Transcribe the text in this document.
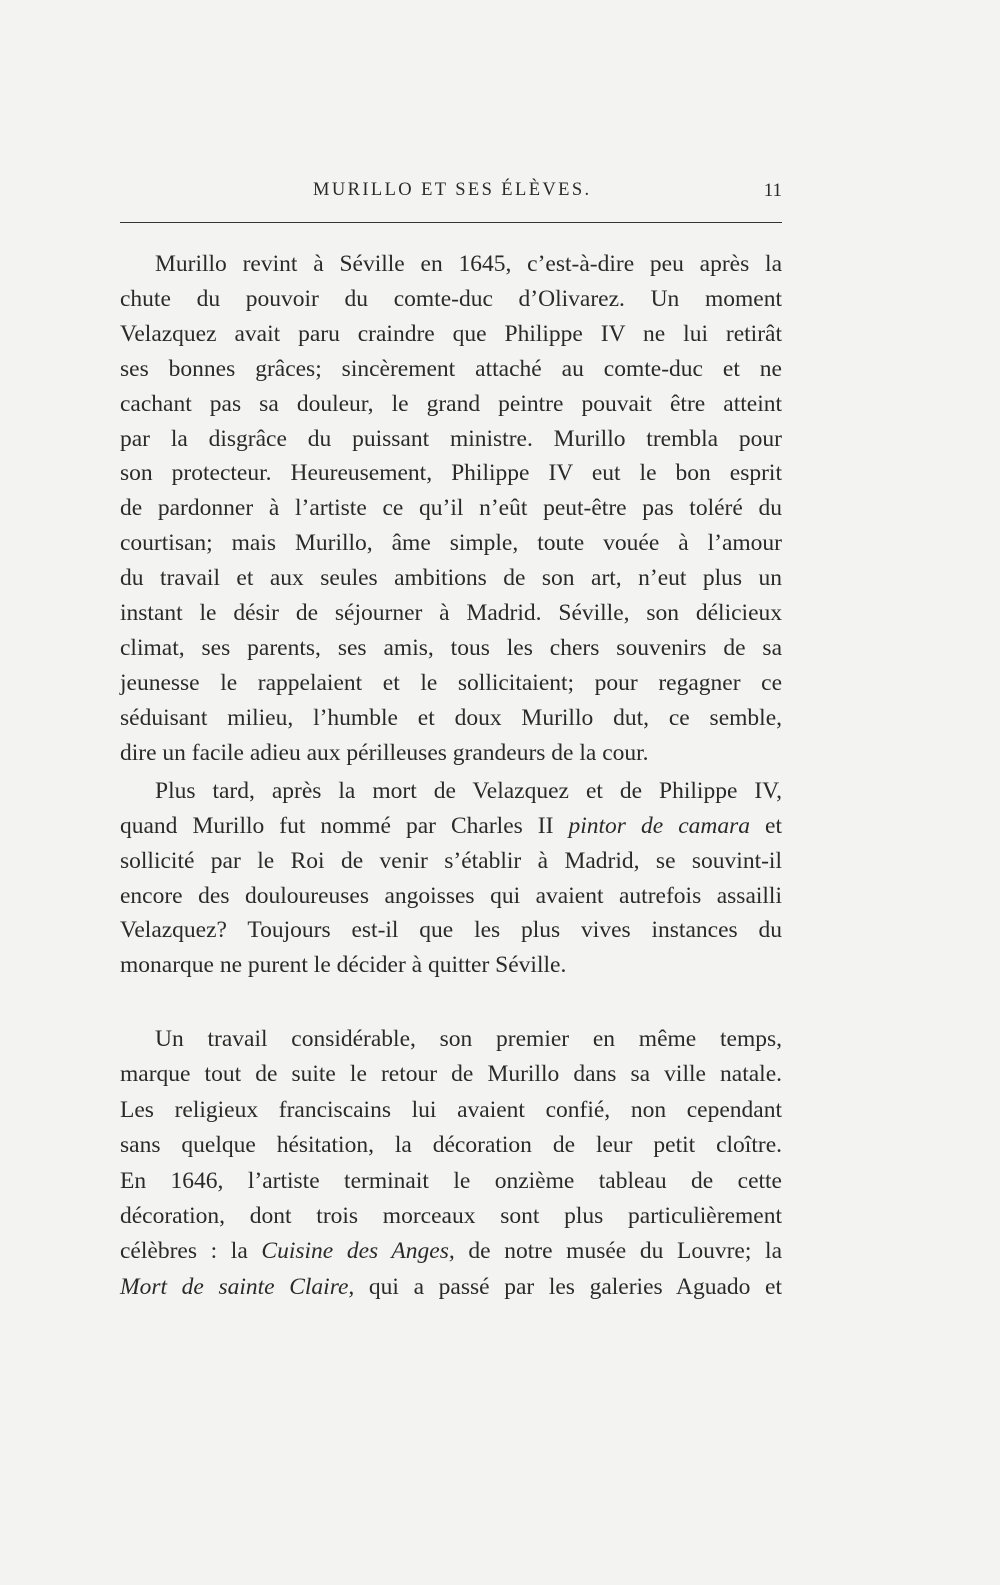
MURILLO ET SES ÉLÈVES.	11
Murillo revint à Séville en 1645, c’est-à-dire peu après la
chute du pouvoir du comte-duc d’Olivarez. Un moment
Velazquez avait paru craindre que Philippe IV ne lui retirât
ses bonnes grâces; sincèrement attaché au comte-duc et ne
cachant pas sa douleur, le grand peintre pouvait être atteint
par la disgrâce du puissant ministre. Murillo trembla pour
son protecteur. Heureusement, Philippe IV eut le bon esprit
de pardonner à l’artiste ce qu’il n’eût peut-être pas toléré du
courtisan; mais Murillo, âme simple, toute vouée à l’amour
du travail et aux seules ambitions de son art, n’eut plus un
instant le désir de séjourner à Madrid. Séville, son délicieux
climat, ses parents, ses amis, tous les chers souvenirs de sa
jeunesse le rappelaient et le sollicitaient; pour regagner ce
séduisant milieu, l’humble et doux Murillo dut, ce semble,
dire un facile adieu aux périlleuses grandeurs de la cour.
Plus tard, après la mort de Velazquez et de Philippe IV,
quand Murillo fut nommé par Charles II pintor de camara et
sollicité par le Roi de venir s’établir à Madrid, se souvint-il
encore des douloureuses angoisses qui avaient autrefois assailli
Velazquez? Toujours est-il que les plus vives instances du
monarque ne purent le décider à quitter Séville.
Un travail considérable, son premier en même temps,
marque tout de suite le retour de Murillo dans sa ville natale.
Les religieux franciscains lui avaient confié, non cependant
sans quelque hésitation, la décoration de leur petit cloître.
En 1646, l’artiste terminait le onzième tableau de cette
décoration, dont trois morceaux sont plus particulièrement
célèbres : la Cuisine des Anges, de notre musée du Louvre; la
Mort de sainte Claire, qui a passé par les galeries Aguado et
